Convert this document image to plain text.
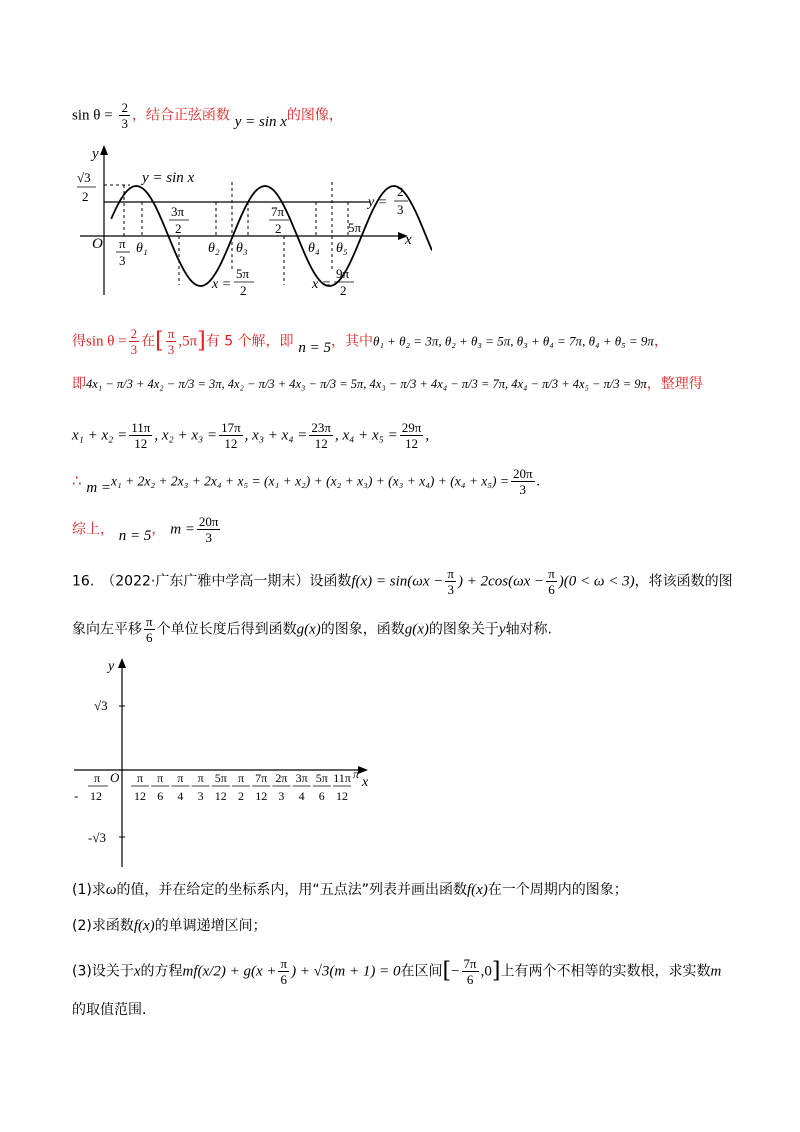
$\sin \theta = \frac{2}{3}$ ，结合正弦函数 y = sin x的图像，
y
x
O
√3
2	y =
2
3
y = sin x
π
3
θ₁
3π
2
θ₂ θ₃
7π
2
θ₄ θ₅
5π
x =
5π
2	x =
9π
2
得$\sin \theta = \frac{2}{3}$ 在[ $\frac{\pi}{3} ,5\pi$]有 5 个解，即 n = 5，其中θ₁ + θ₂ = 3π, θ₂ + θ₃ = 5π, θ₃ + θ₄ = 7π, θ₄ + θ₅ = 9π，
即4x₁ − π/3 + 4x₂ − π/3 = 3π, 4x₂ − π/3 + 4x₃ − π/3 = 5π, 4x₃ − π/3 + 4x₄ − π/3 = 7π, 4x₄ − π/3 + 4x₅ − π/3 = 9π，整理得
$x_1 + x_2 = \frac{11\pi}{12}$ , $x_2 + x_3 = \frac{17\pi}{12}$ , $x_3 + x_4 = \frac{23\pi}{12}$ , $x_4 + x_5 = \frac{29\pi}{12}$ ,
∴ $m =x_1 + 2x_2 + 2x_3 + 2x_4 + x_5 = (x_1 + x_2) + (x_2 + x_3) + (x_3 + x_4) + (x_4 + x_5) = \frac{20\pi}{3}$ .
综上， n = 5， $m = \frac{20\pi}{3}$
16.　（2022·广东广雅中学高一期末）设函数$f(x) = \sin(\omega x - \frac{\pi}{3}$ ) + $2\cos(\omega x - \frac{\pi}{6} )(0 < \omega < 3)$，将该函数的图
象向左平移 $\frac{\pi}{6}$ 个单位长度后得到函数g(x)的图象，函数g(x)的图象关于y轴对称.
y
x
O
√3
-√3
-
π
12
π
12
π
6
π
4
π
3
5π
12
π
2
7π
12
2π
3
3π
4
5π
6
11π
12
π
(1)求ω的值，并在给定的坐标系内，用“五点法”列表并画出函数f(x)在一个周期内的图象；
(2)求函数f(x)的单调递增区间；
(3)设关于x的方程$mf(x/2) + g(x + \frac{\pi}{6}$ ) + √3(m + 1) = 0在区间[− $\frac{7\pi}{6} ,0$]上有两个不相等的实数根，求实数m
的取值范围.
